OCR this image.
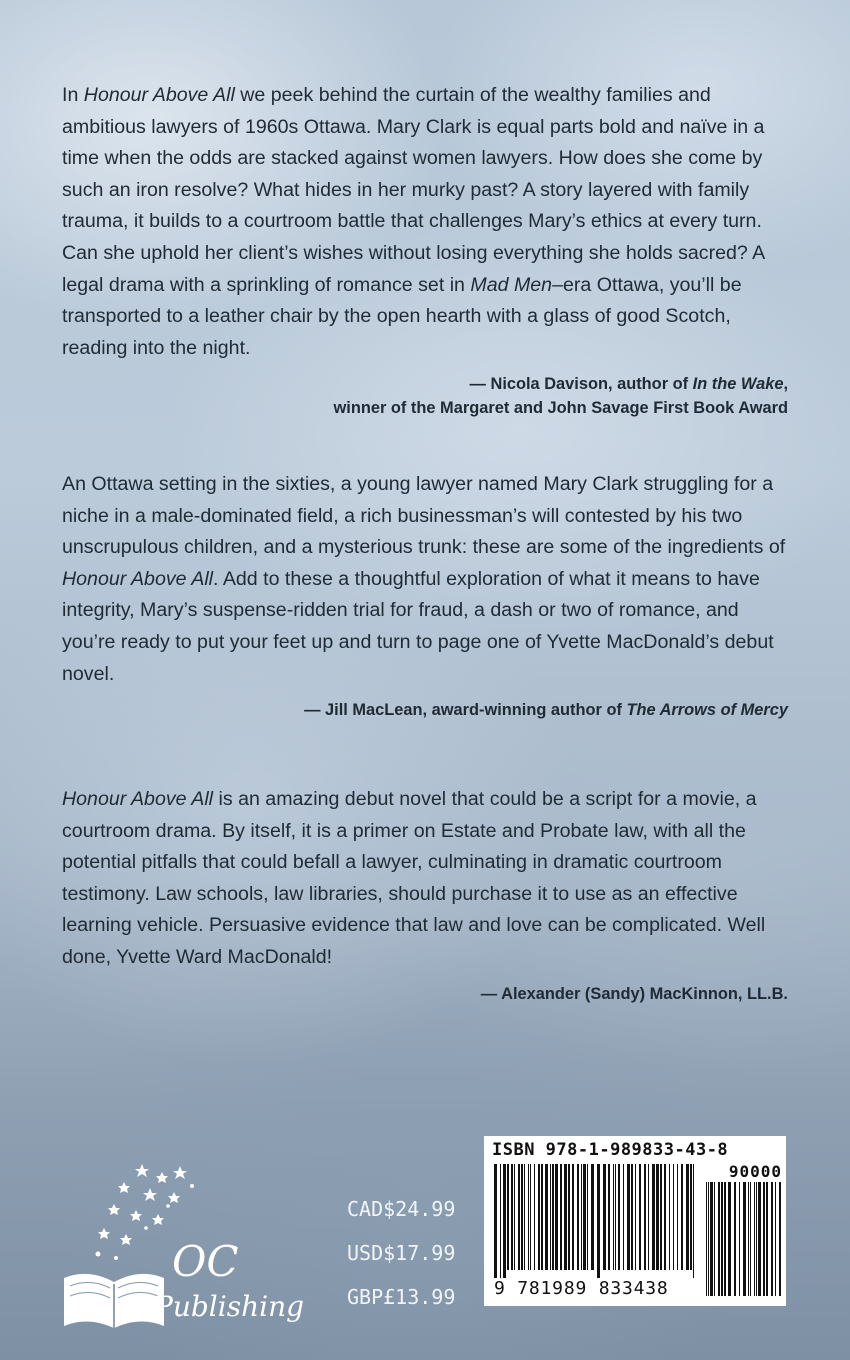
In Honour Above All we peek behind the curtain of the wealthy families and ambitious lawyers of 1960s Ottawa. Mary Clark is equal parts bold and naïve in a time when the odds are stacked against women lawyers. How does she come by such an iron resolve? What hides in her murky past? A story layered with family trauma, it builds to a courtroom battle that challenges Mary’s ethics at every turn. Can she uphold her client’s wishes without losing everything she holds sacred? A legal drama with a sprinkling of romance set in Mad Men–era Ottawa, you’ll be transported to a leather chair by the open hearth with a glass of good Scotch, reading into the night.

— Nicola Davison, author of In the Wake,
winner of the Margaret and John Savage First Book Award

An Ottawa setting in the sixties, a young lawyer named Mary Clark struggling for a niche in a male-dominated field, a rich businessman’s will contested by his two unscrupulous children, and a mysterious trunk: these are some of the ingredients of Honour Above All. Add to these a thoughtful exploration of what it means to have integrity, Mary’s suspense-ridden trial for fraud, a dash or two of romance, and you’re ready to put your feet up and turn to page one of Yvette MacDonald’s debut novel.

— Jill MacLean, award-winning author of The Arrows of Mercy

Honour Above All is an amazing debut novel that could be a script for a movie, a courtroom drama. By itself, it is a primer on Estate and Probate law, with all the potential pitfalls that could befall a lawyer, culminating in dramatic courtroom testimony. Law schools, law libraries, should purchase it to use as an effective learning vehicle. Persuasive evidence that law and love can be complicated. Well done, Yvette Ward MacDonald!

— Alexander (Sandy) MacKinnon, LL.B.
OC
Publishing
CAD$24.99
USD$17.99
GBP£13.99
ISBN 978-1-989833-43-8
90000
9 781989 833438
